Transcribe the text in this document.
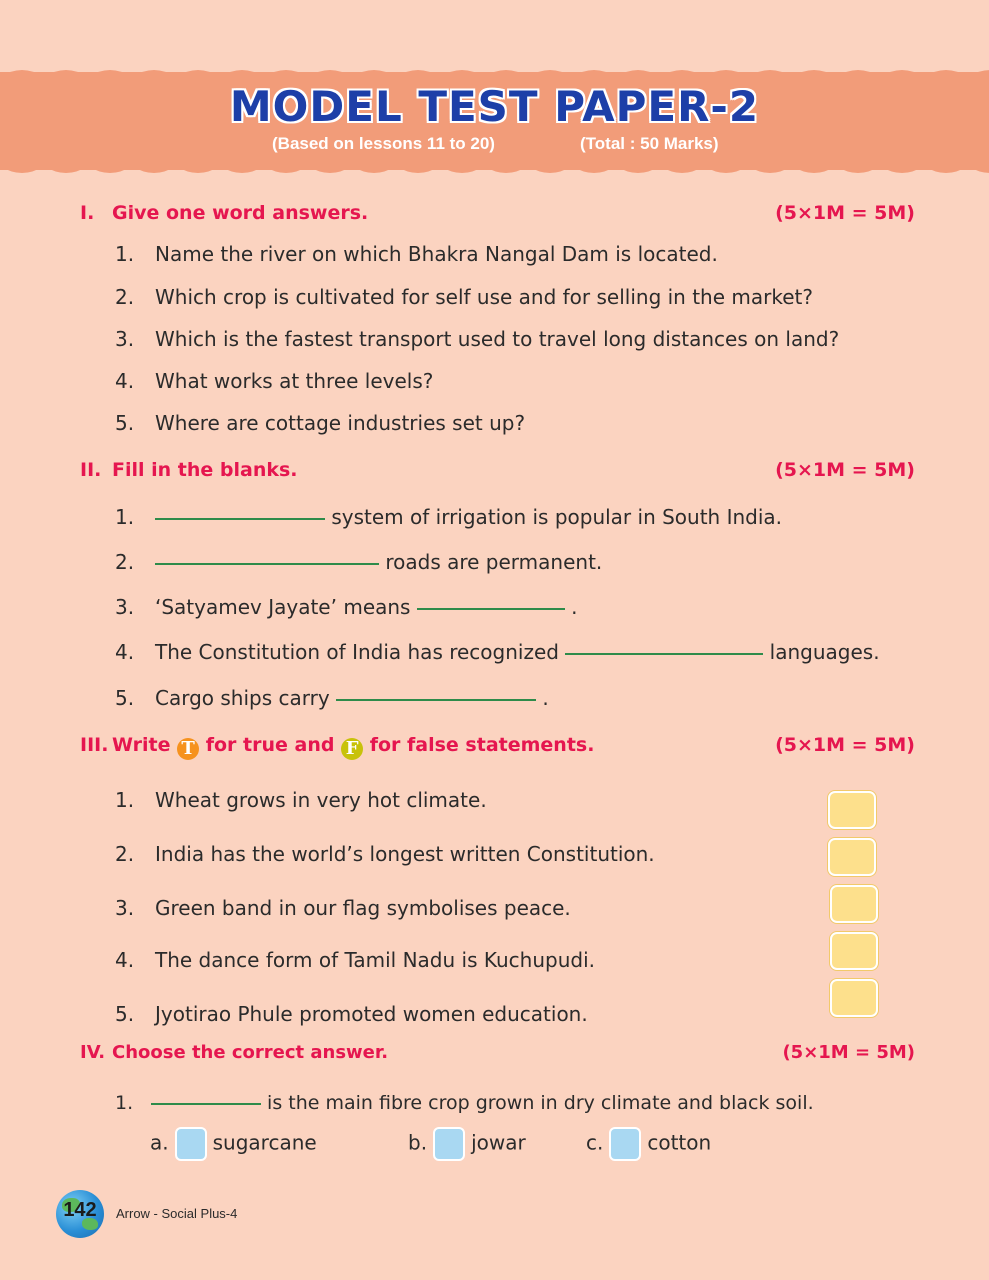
MODEL TEST PAPER-2
(Based on lessons 11 to 20)	(Total : 50 Marks)
I. Give one word answers.	(5×1M = 5M)
1. Name the river on which Bhakra Nangal Dam is located.
2. Which crop is cultivated for self use and for selling in the market?
3. Which is the fastest transport used to travel long distances on land?
4. What works at three levels?
5. Where are cottage industries set up?
II. Fill in the blanks.	(5×1M = 5M)
1.	system of irrigation is popular in South India.
2.	roads are permanent.
3. ‘Satyamev Jayate’ means	.
4. The Constitution of India has recognized	languages.
5. Cargo ships carry	.
III. Write T for true and F for false statements.	(5×1M = 5M)
1. Wheat grows in very hot climate.
2. India has the world’s longest written Constitution.
3. Green band in our flag symbolises peace.
4. The dance form of Tamil Nadu is Kuchupudi.
5. Jyotirao Phule promoted women education.
IV. Choose the correct answer.	(5×1M = 5M)
1.	is the main fibre crop grown in dry climate and black soil.
a. sugarcane	b. jowar	c. cotton
142	Arrow - Social Plus-4
